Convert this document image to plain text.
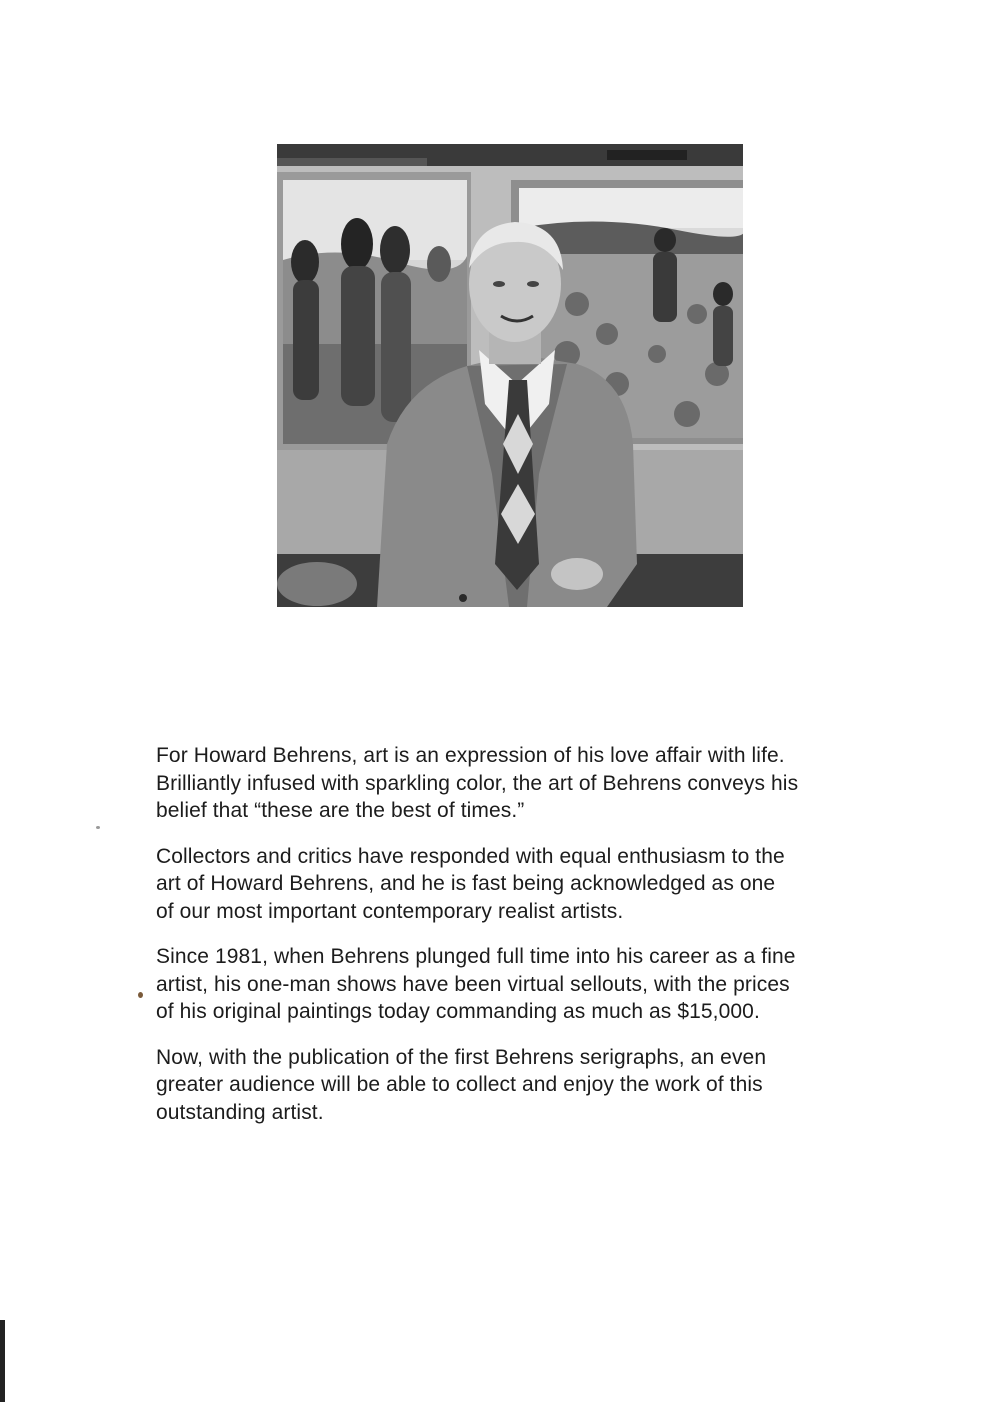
For Howard Behrens, art is an expression of his love affair with life.
Brilliantly infused with sparkling color, the art of Behrens conveys his
belief that “these are the best of times.”

Collectors and critics have responded with equal enthusiasm to the
art of Howard Behrens, and he is fast being acknowledged as one
of our most important contemporary realist artists.

Since 1981, when Behrens plunged full time into his career as a fine
artist, his one-man shows have been virtual sellouts, with the prices
of his original paintings today commanding as much as $15,000.

Now, with the publication of the first Behrens serigraphs, an even
greater audience will be able to collect and enjoy the work of this
outstanding artist.
